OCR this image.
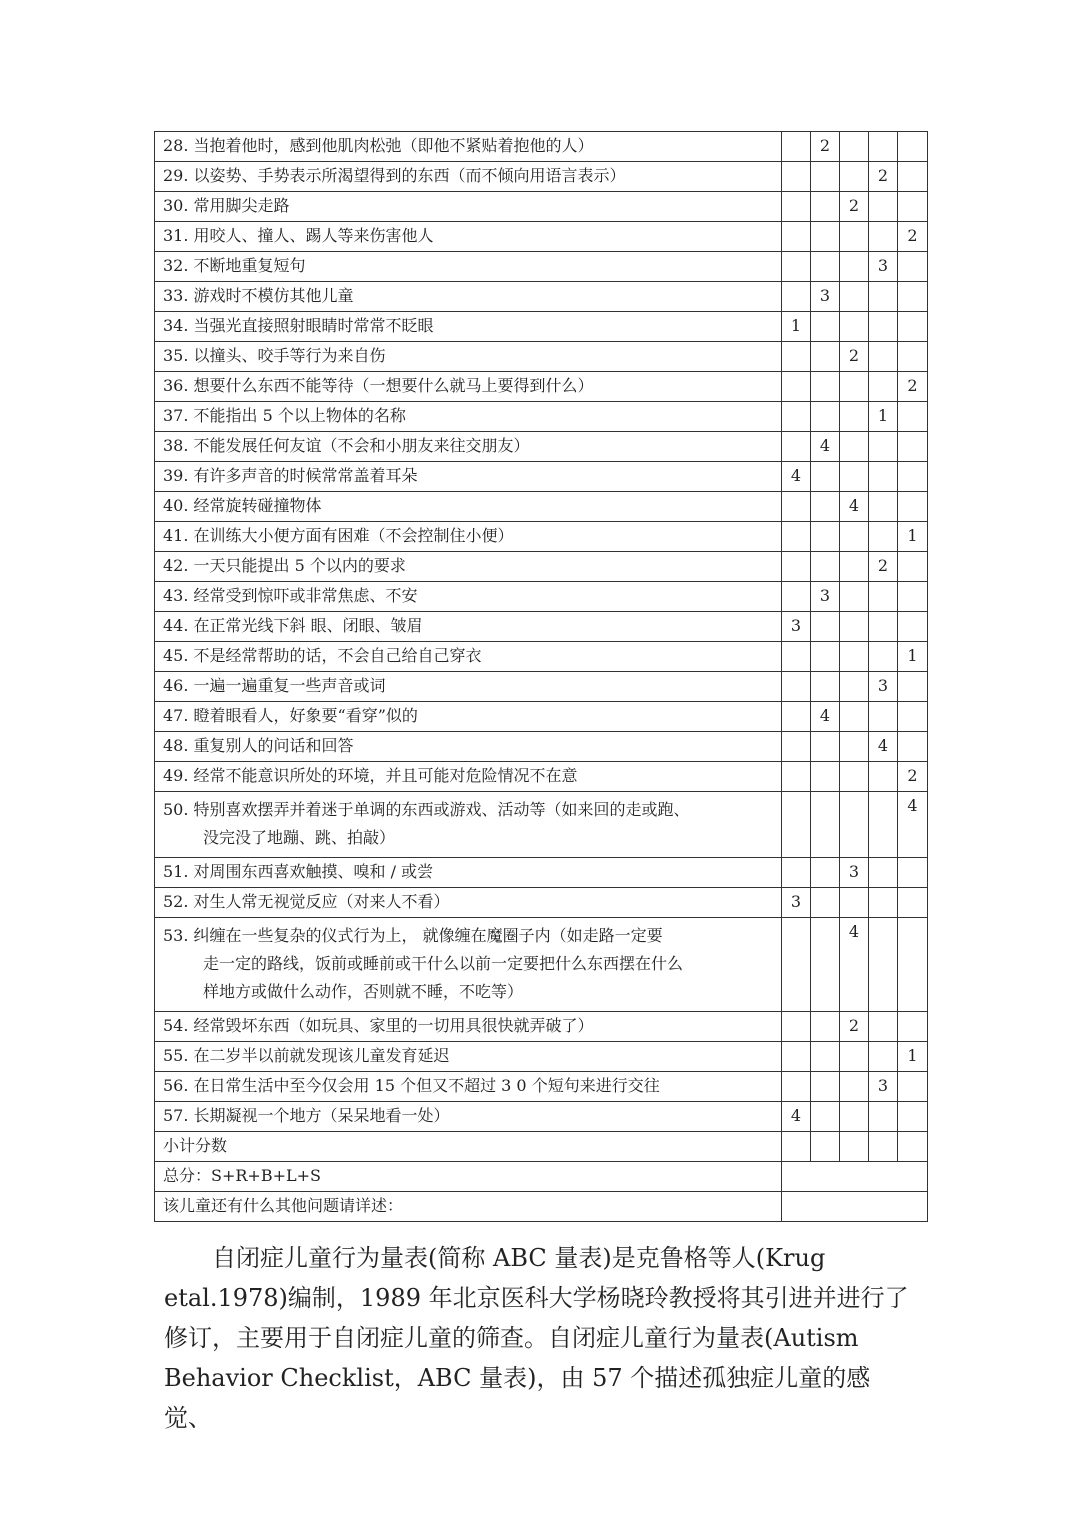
28. 当抱着他时，感到他肌肉松弛（即他不紧贴着抱他的人）		2			

29. 以姿势、手势表示所渴望得到的东西（而不倾向用语言表示）				2	

30. 常用脚尖走路			2		

31. 用咬人、撞人、踢人等来伤害他人					2

32. 不断地重复短句				3	

33. 游戏时不模仿其他儿童		3			

34. 当强光直接照射眼睛时常常不眨眼	1				

35. 以撞头、咬手等行为来自伤			2		

36. 想要什么东西不能等待（一想要什么就马上要得到什么）					2

37. 不能指出 5 个以上物体的名称				1	

38. 不能发展任何友谊（不会和小朋友来往交朋友）		4			

39. 有许多声音的时候常常盖着耳朵	4				

40. 经常旋转碰撞物体			4		

41. 在训练大小便方面有困难（不会控制住小便）					1

42. 一天只能提出 5 个以内的要求				2	

43. 经常受到惊吓或非常焦虑、不安		3			

44. 在正常光线下斜 眼、闭眼、皱眉	3				

45. 不是经常帮助的话，不会自己给自己穿衣					1

46. 一遍一遍重复一些声音或词				3	

47. 瞪着眼看人，好象要“看穿”似的		4			

48. 重复别人的问话和回答				4	

49. 经常不能意识所处的环境，并且可能对危险情况不在意					2

50. 特别喜欢摆弄并着迷于单调的东西或游戏、活动等（如来回的走或跑、
没完没了地蹦、跳、拍敲）					4

51. 对周围东西喜欢触摸、嗅和 / 或尝			3		

52. 对生人常无视觉反应（对来人不看）	3				

53. 纠缠在一些复杂的仪式行为上， 就像缠在魔圈子内（如走路一定要
走一定的路线，饭前或睡前或干什么以前一定要把什么东西摆在什么
样地方或做什么动作，否则就不睡，不吃等）			4		

54. 经常毁坏东西（如玩具、家里的一切用具很快就弄破了）			2		

55. 在二岁半以前就发现该儿童发育延迟					1

56. 在日常生活中至今仅会用 15 个但又不超过 3 0 个短句来进行交往				3	

57. 长期凝视一个地方（呆呆地看一处）	4				
小计分数					
总分：S+R+B+L+S					
该儿童还有什么其他问题请详述：					

自闭症儿童行为量表(简称 ABC 量表)是克鲁格等人(Krug etal.1978)编制，1989 年北京医科大学杨晓玲教授将其引进并进行了修订，主要用于自闭症儿童的筛查。自闭症儿童行为量表(Autism Behavior Checklist，ABC 量表)，由 57 个描述孤独症儿童的感觉、
